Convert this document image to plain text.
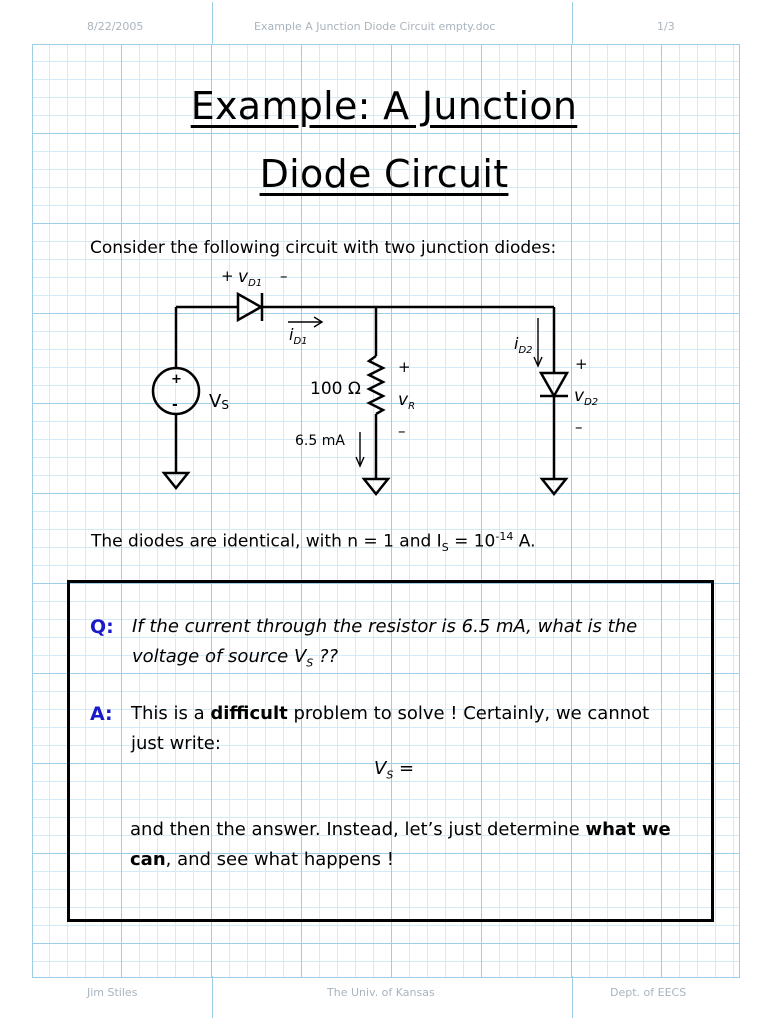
8/22/2005	Example A Junction Diode Circuit empty.doc	1/3
Example: A Junction
Diode Circuit
Consider the following circuit with two junction diodes:
+ $v_{D1}$ –
$i_{D1}$
+
- VS
100 Ω
6.5 mA
+
$v_R$
–
$i_{D2}$
+
$v_{D2}$
–
The diodes are identical, with n = 1 and $I_S = 10^{-14}$ A.
Q: If the current through the resistor is 6.5 mA, what is the
voltage of source $V_S$ ??
A: This is a difficult problem to solve ! Certainly, we cannot
just write:
$V_S$ =
and then the answer. Instead, let’s just determine what we
can, and see what happens !
Jim Stiles	The Univ. of Kansas	Dept. of EECS
